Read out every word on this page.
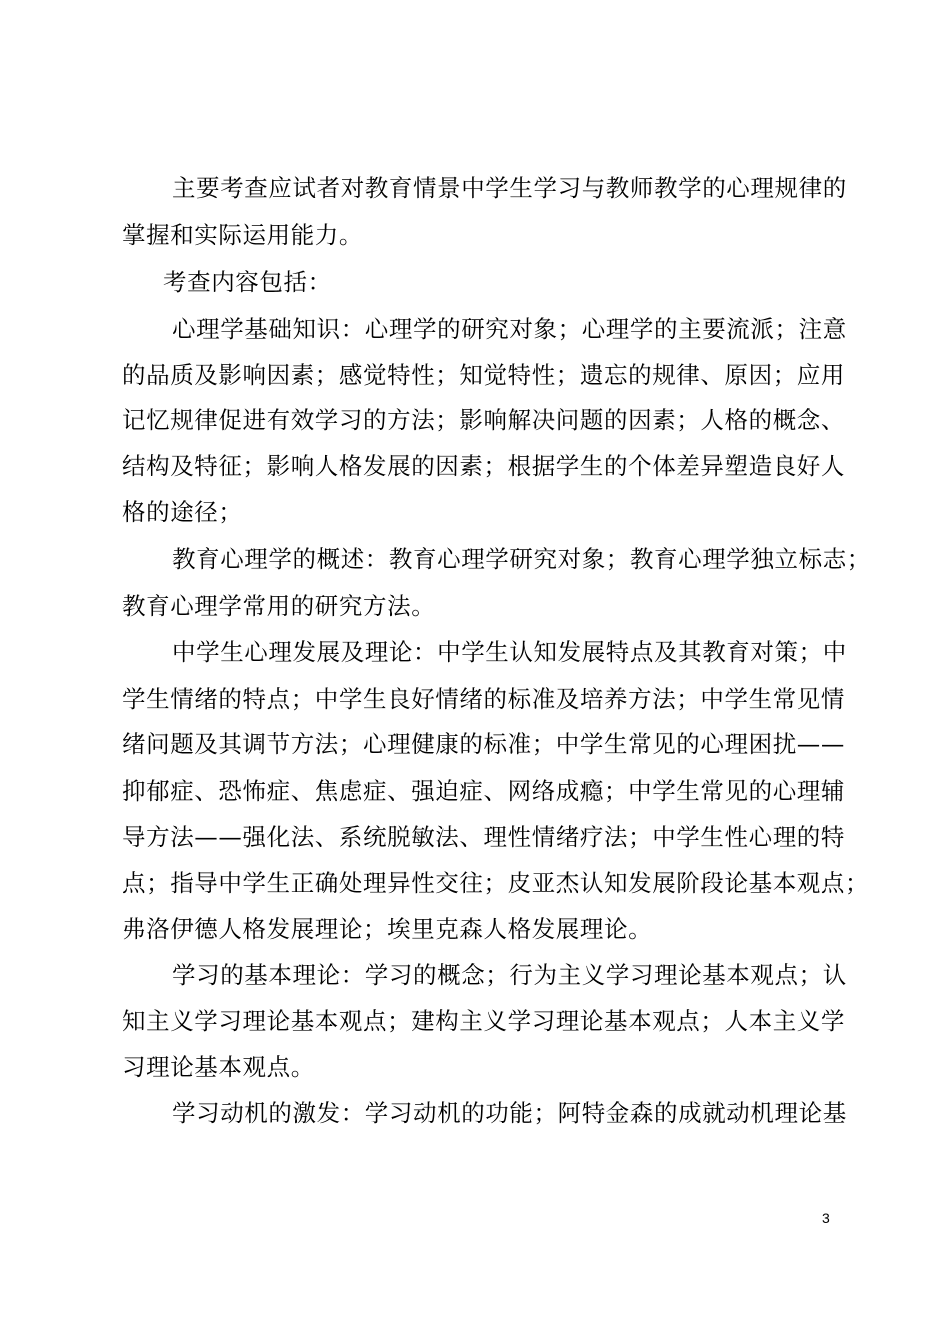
主要考查应试者对教育情景中学生学习与教师教学的心理规律的
掌握和实际运用能力。
考查内容包括：
心理学基础知识：心理学的研究对象；心理学的主要流派；注意
的品质及影响因素；感觉特性；知觉特性；遗忘的规律、原因；应用
记忆规律促进有效学习的方法；影响解决问题的因素；人格的概念、
结构及特征；影响人格发展的因素；根据学生的个体差异塑造良好人
格的途径；
教育心理学的概述：教育心理学研究对象；教育心理学独立标志；
教育心理学常用的研究方法。
中学生心理发展及理论：中学生认知发展特点及其教育对策；中
学生情绪的特点；中学生良好情绪的标准及培养方法；中学生常见情
绪问题及其调节方法；心理健康的标准；中学生常见的心理困扰——
抑郁症、恐怖症、焦虑症、强迫症、网络成瘾；中学生常见的心理辅
导方法——强化法、系统脱敏法、理性情绪疗法；中学生性心理的特
点；指导中学生正确处理异性交往；皮亚杰认知发展阶段论基本观点；
弗洛伊德人格发展理论；埃里克森人格发展理论。
学习的基本理论：学习的概念；行为主义学习理论基本观点；认
知主义学习理论基本观点；建构主义学习理论基本观点；人本主义学
习理论基本观点。
学习动机的激发：学习动机的功能；阿特金森的成就动机理论基
3
